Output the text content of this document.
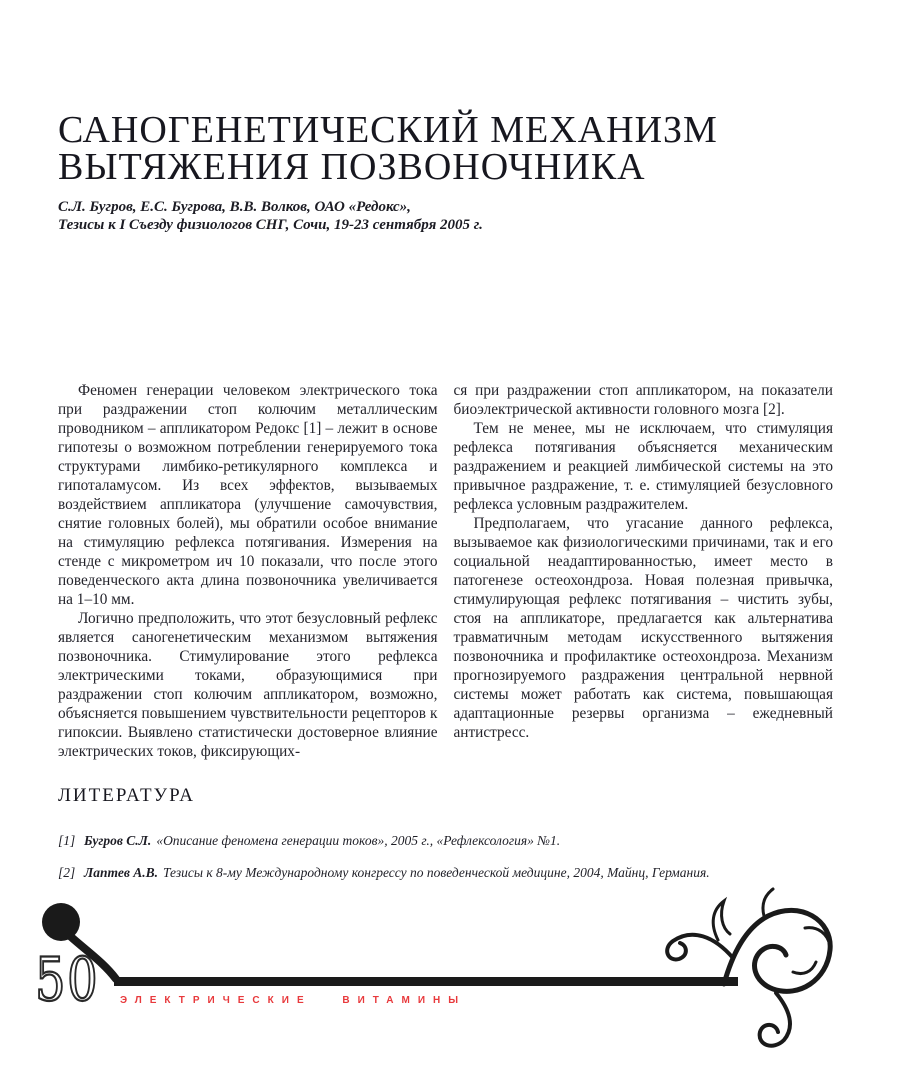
САНОГЕНЕТИЧЕСКИЙ МЕХАНИЗМ
ВЫТЯЖЕНИЯ ПОЗВОНОЧНИКА
С.Л. Бугров, Е.С. Бугрова, В.В. Волков, ОАО «Редокс»,
Тезисы к I Съезду физиологов СНГ, Сочи, 19-23 сентября 2005 г.

Феномен генерации человеком электрического тока при раздражении стоп колючим металлическим проводником – аппликатором Редокс [1] – лежит в основе гипотезы о возможном потреблении генерируемого тока структурами лимбико-ретикулярного комплекса и гипоталамусом. Из всех эффектов, вызываемых воздействием аппликатора (улучшение самочувствия, снятие головных болей), мы обратили особое внимание на стимуляцию рефлекса потягивания. Измерения на стенде с микрометром ич 10 показали, что после этого поведенческого акта длина позвоночника увеличивается на 1–10 мм.

Логично предположить, что этот безусловный рефлекс является саногенетическим механизмом вытяжения позвоночника. Стимулирование этого рефлекса электрическими токами, образующимися при раздражении стоп колючим аппликатором, возможно, объясняется повышением чувствительности рецепторов к гипоксии. Выявлено статистически достоверное влияние электрических токов, фиксирующих-

ся при раздражении стоп аппликатором, на показатели биоэлектрической активности головного мозга [2].

Тем не менее, мы не исключаем, что стимуляция рефлекса потягивания объясняется механическим раздражением и реакцией лимбической системы на это привычное раздражение, т. е. стимуляцией безусловного рефлекса условным раздражителем.

Предполагаем, что угасание данного рефлекса, вызываемое как физиологическими причинами, так и его социальной неадаптированностью, имеет место в патогенезе остеохондроза. Новая полезная привычка, стимулирующая рефлекс потягивания – чистить зубы, стоя на аппликаторе, предлагается как альтернатива травматичным методам искусственного вытяжения позвоночника и профилактике остеохондроза. Механизм прогнозируемого раздражения центральной нервной системы может работать как система, повышающая адаптационные резервы организма – ежедневный антистресс.

ЛИТЕРАТУРА
[1] Бугров С.Л. «Описание феномена генерации токов», 2005 г., «Рефлексология» №1.
[2] Лаптев А.В. Тезисы к 8-му Международному конгрессу по поведенческой медицине, 2004, Майнц, Германия.
50 ЭЛЕКТРИЧЕСКИЕ ВИТАМИНЫ
